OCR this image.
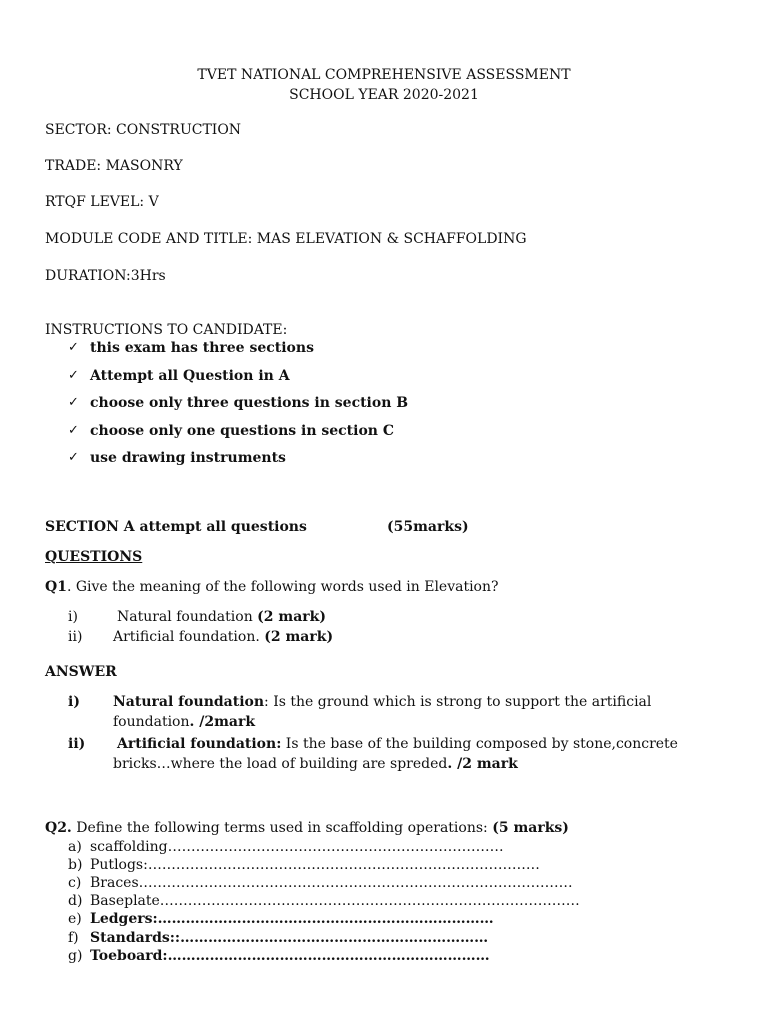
TVET NATIONAL COMPREHENSIVE ASSESSMENT
SCHOOL YEAR 2020-2021
SECTOR: CONSTRUCTION
TRADE: MASONRY
RTQF LEVEL: V
MODULE CODE AND TITLE: MAS ELEVATION & SCHAFFOLDING
DURATION:3Hrs
INSTRUCTIONS TO CANDIDATE:
✓ this exam has three sections
✓ Attempt all Question in A
✓ choose only three questions in section B
✓ choose only one questions in section C
✓ use drawing instruments
SECTION A attempt all questions	(55marks)
QUESTIONS
Q1. Give the meaning of the following words used in Elevation?
i)	Natural foundation (2 mark)
ii) Artificial foundation. (2 mark)
ANSWER
i) Natural foundation: Is the ground which is strong to support the artificial
foundation. /2mark
ii) Artificial foundation: Is the base of the building composed by stone,concrete
bricks…where the load of building are spreded. /2 mark
Q2. Define the following terms used in scaffolding operations: (5 marks)
a) scaffolding………………………………………………………………
b) Putlogs:…………………………………………………………………………
c) Braces…………………………………………………………………………………
d) Baseplate………………………………………………………………………………
e) Ledgers:………………………………………………………………
f) Standards::…………………………………………………………
g) Toeboard:……………………………………………………………
